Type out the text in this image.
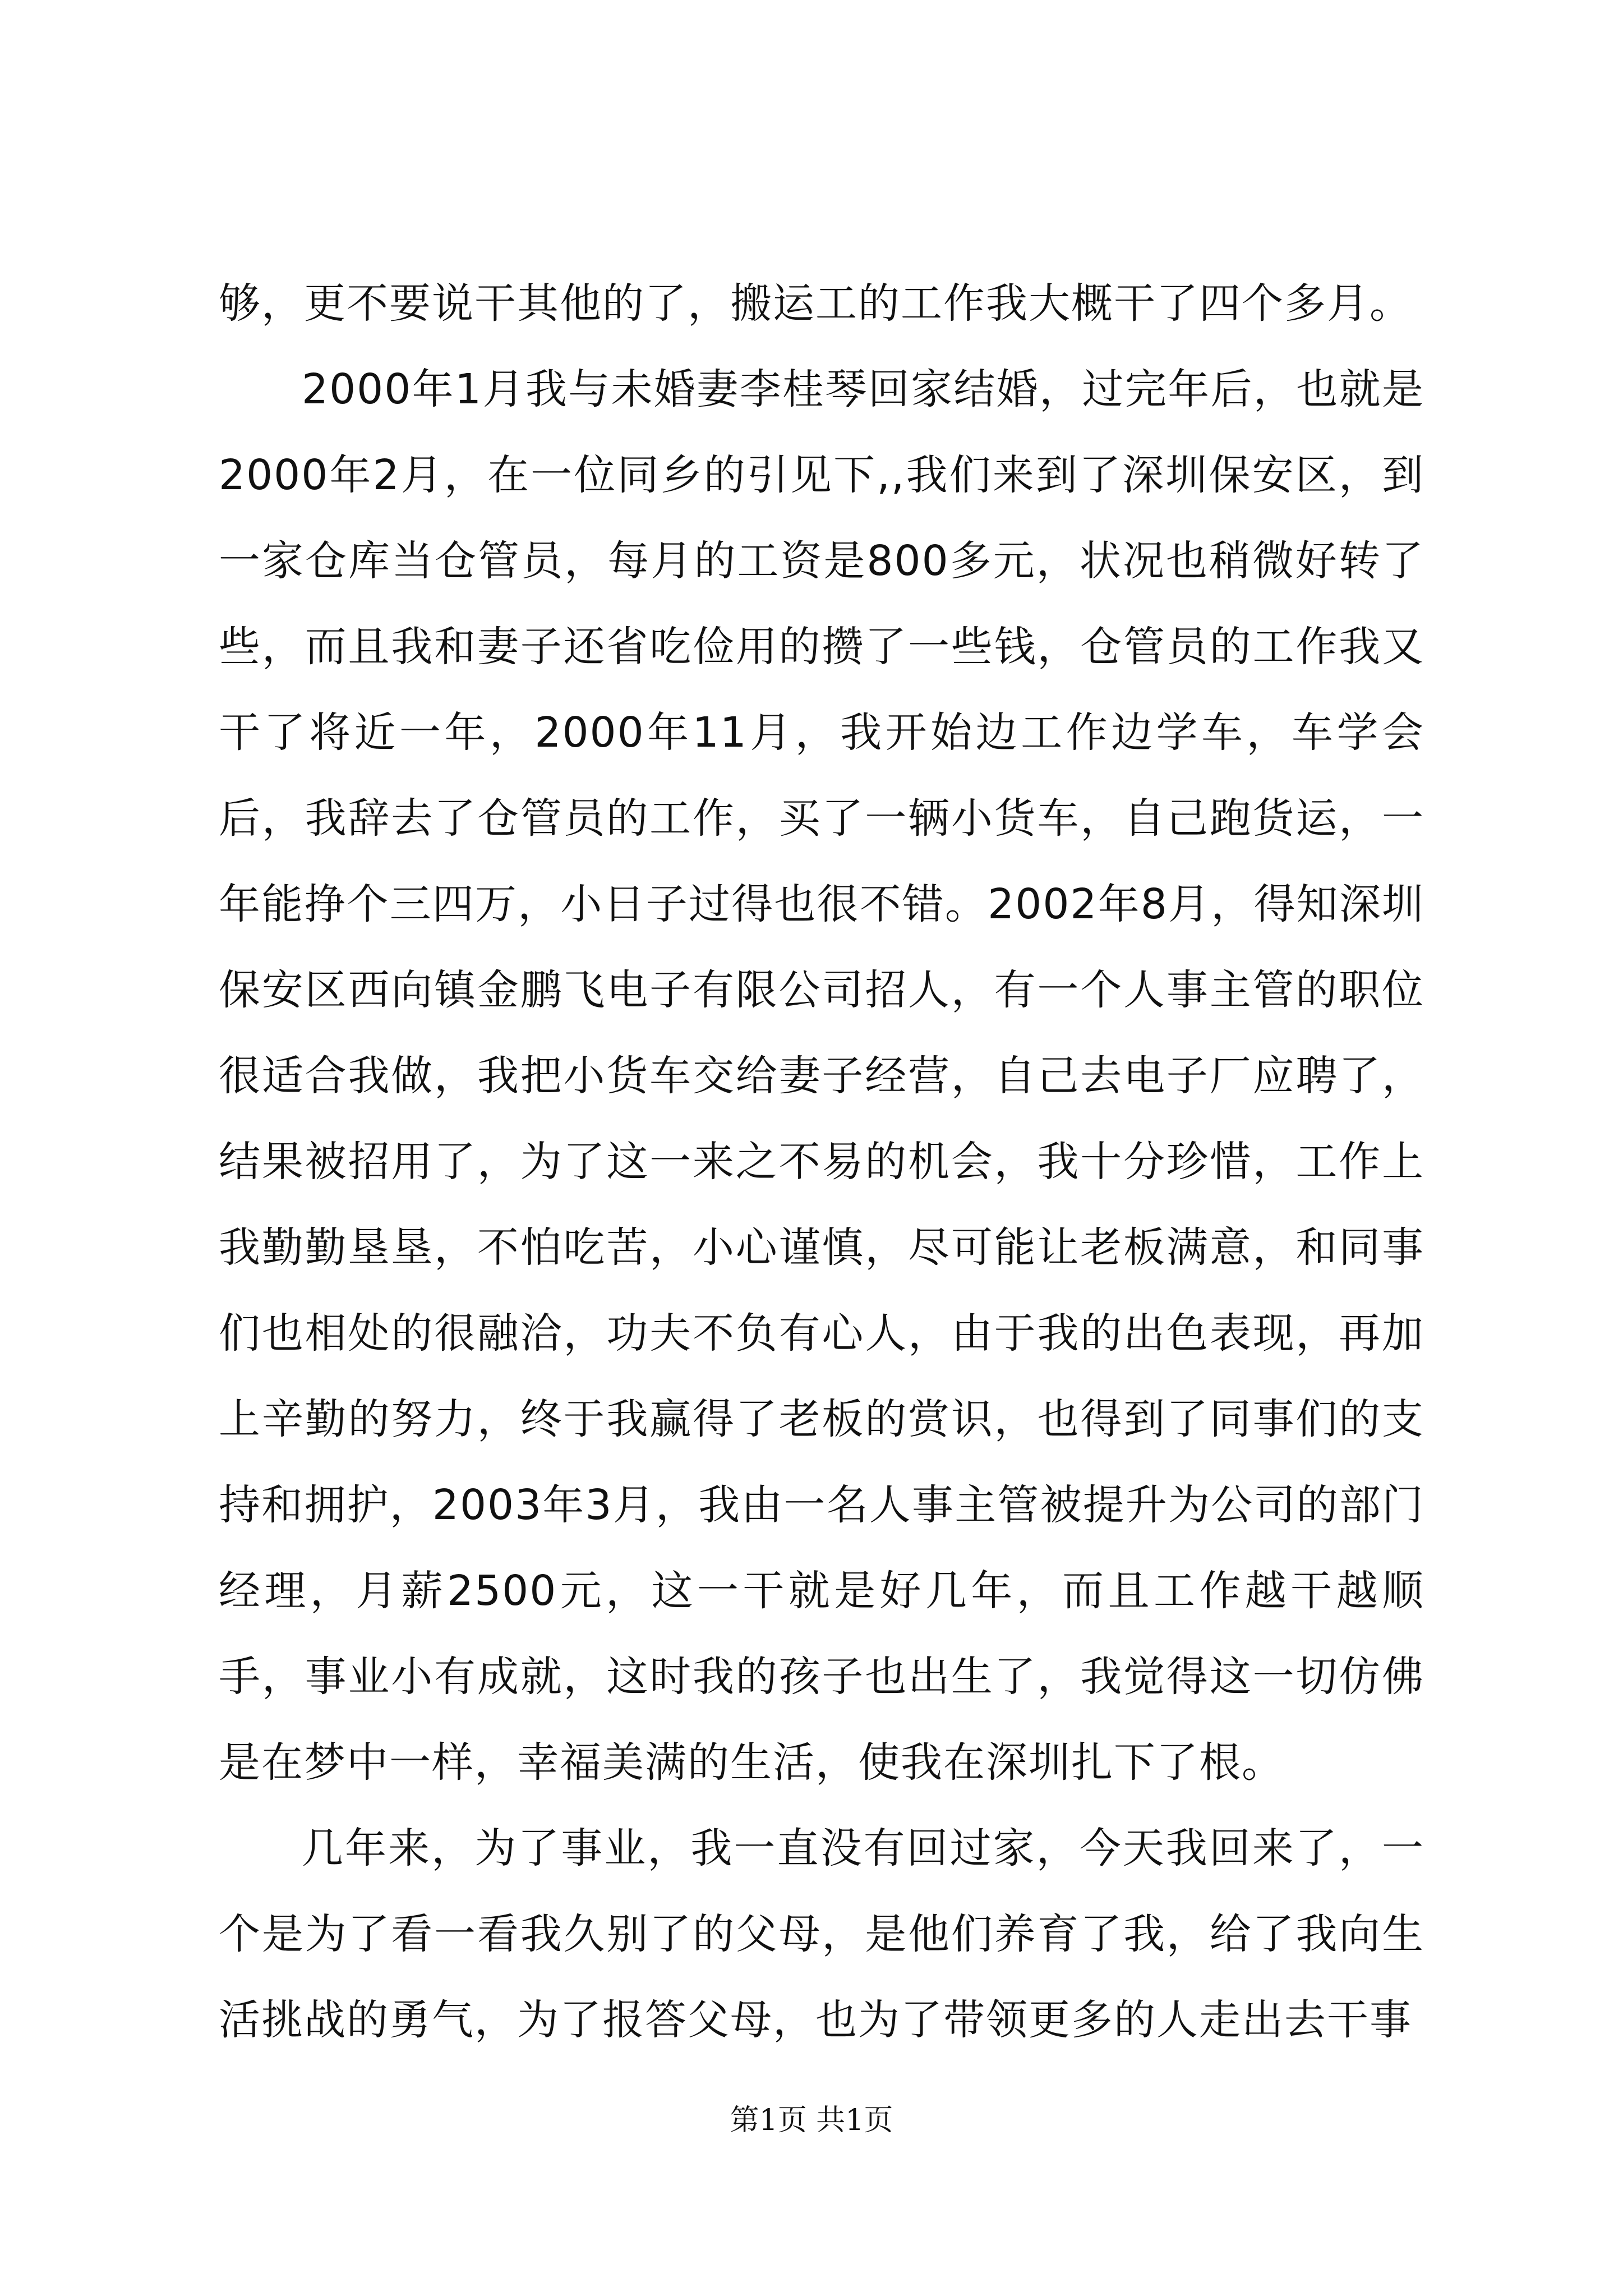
够，更不要说干其他的了，搬运工的工作我大概干了四个多月。

2000年1月我与未婚妻李桂琴回家结婚，过完年后，也就是2000年2月，在一位同乡的引见下,,我们来到了深圳保安区，到一家仓库当仓管员，每月的工资是800多元，状况也稍微好转了些，而且我和妻子还省吃俭用的攒了一些钱，仓管员的工作我又干了将近一年，2000年11月，我开始边工作边学车，车学会后，我辞去了仓管员的工作，买了一辆小货车，自己跑货运，一年能挣个三四万，小日子过得也很不错。2002年8月，得知深圳保安区西向镇金鹏飞电子有限公司招人，有一个人事主管的职位很适合我做，我把小货车交给妻子经营，自己去电子厂应聘了，结果被招用了，为了这一来之不易的机会，我十分珍惜，工作上我勤勤垦垦，不怕吃苦，小心谨慎，尽可能让老板满意，和同事们也相处的很融洽，功夫不负有心人，由于我的出色表现，再加上辛勤的努力，终于我赢得了老板的赏识，也得到了同事们的支持和拥护，2003年3月，我由一名人事主管被提升为公司的部门经理，月薪2500元，这一干就是好几年，而且工作越干越顺手，事业小有成就，这时我的孩子也出生了，我觉得这一切仿佛是在梦中一样，幸福美满的生活，使我在深圳扎下了根。

几年来，为了事业，我一直没有回过家，今天我回来了，一个是为了看一看我久别了的父母，是他们养育了我，给了我向生活挑战的勇气，为了报答父母，也为了带领更多的人走出去干事

第1页 共1页
